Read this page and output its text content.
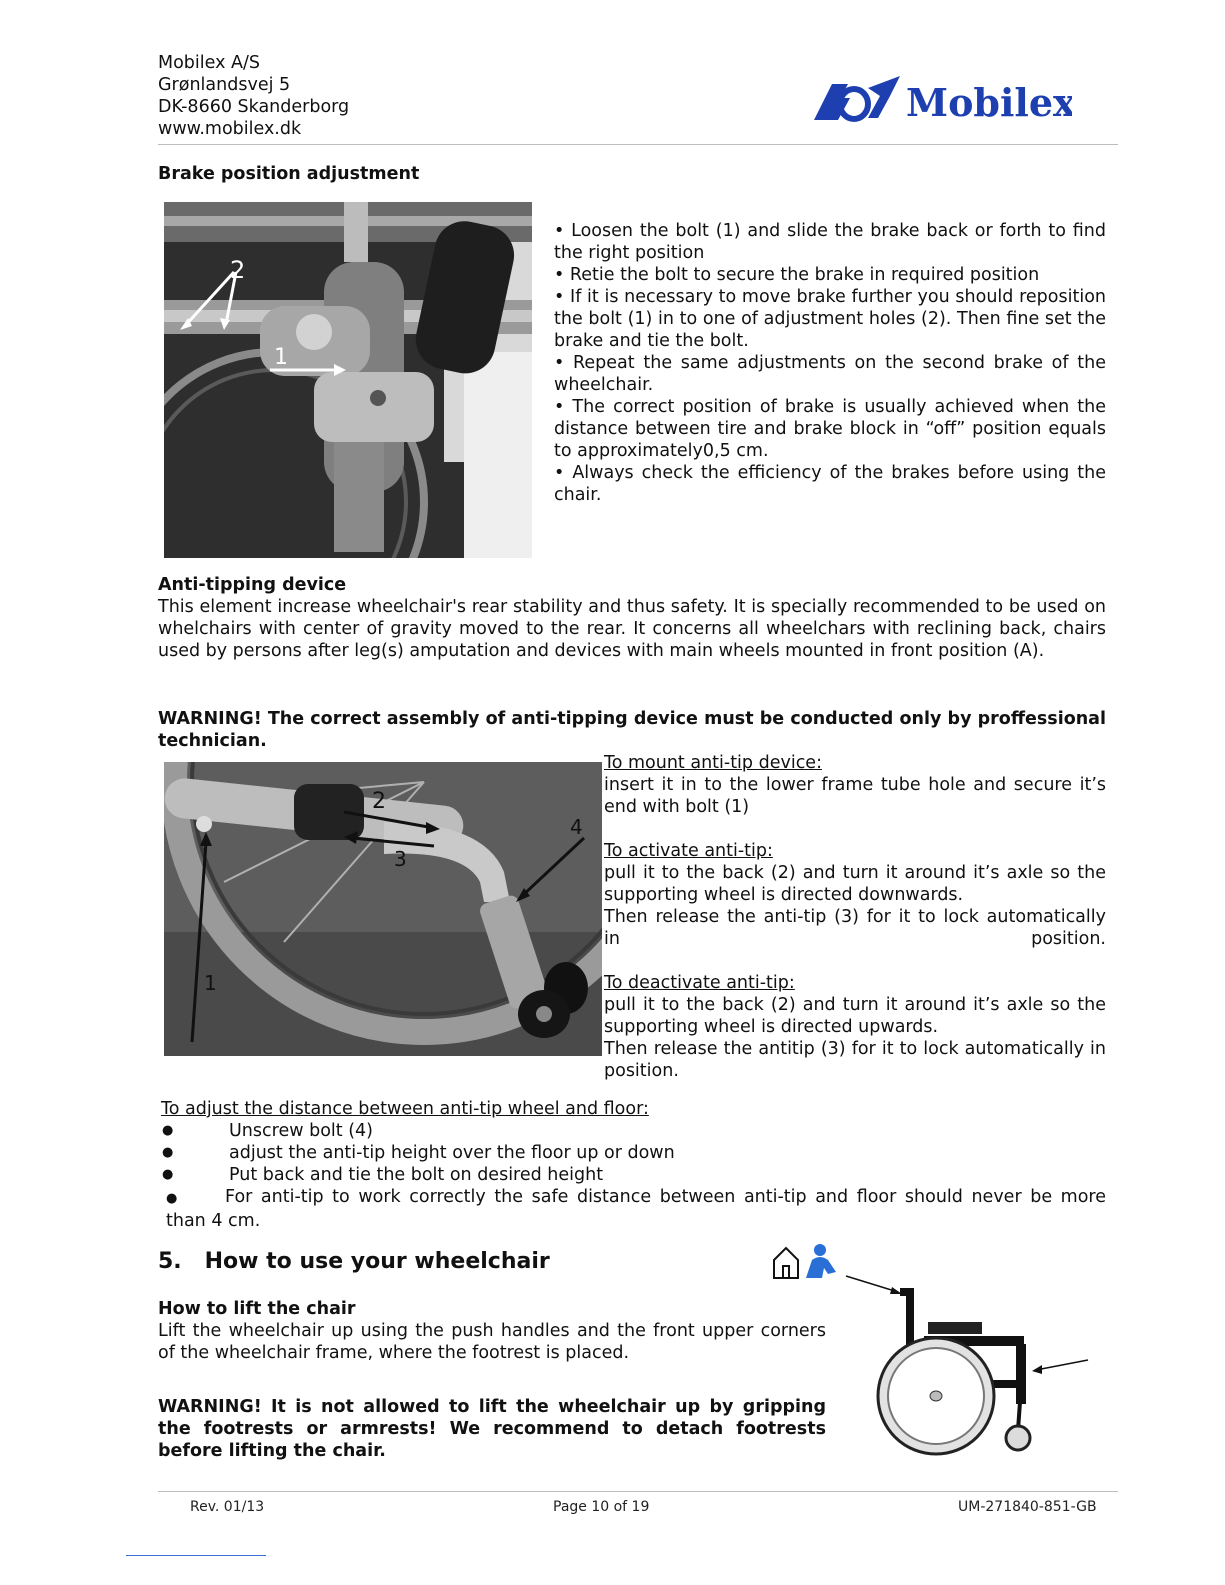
Mobilex A/S
Grønlandsvej 5
DK-8660 Skanderborg
www.mobilex.dk
Mobilex
Brake position adjustment
2
1
• Loosen the bolt (1) and slide the brake back or forth to find the right position
• Retie the bolt to secure the brake in required position
• If it is necessary to move brake further you should reposition the bolt (1) in to one of adjustment holes (2). Then fine set the brake and tie the bolt.
• Repeat the same adjustments on the second brake of the wheelchair.
• The correct position of brake is usually achieved when the distance between tire and brake block in “off” position equals to approximately0,5 cm.
• Always check the efficiency of the brakes before using the chair.
Anti-tipping device
This element increase wheelchair's rear stability and thus safety. It is specially recommended to be used on whelchairs with center of gravity moved to the rear. It concerns all wheelchars with reclining back, chairs used by persons after leg(s) amputation and devices with main wheels mounted in front position (A).
WARNING! The correct assembly of anti-tipping device must be conducted only by proffessional technician.
1
2
3
4
To mount anti-tip device:
insert it in to the lower frame tube hole and secure it’s end with bolt (1)
To activate anti-tip:
pull it to the back (2) and turn it around it’s axle so the supporting wheel is directed downwards.
Then release the anti-tip (3) for it to lock automatically in position.
To deactivate anti-tip:
pull it to the back (2) and turn it around it’s axle so the supporting wheel is directed upwards.
Then release the antitip (3) for it to lock automatically in position.
To adjust the distance between anti-tip wheel and floor:
●	Unscrew bolt (4)
●	adjust the anti-tip height over the floor up or down
●	Put back and tie the bolt on desired height
●	For anti-tip to work correctly the safe distance between anti-tip and floor should never be more than 4 cm.
5.   How to use your wheelchair
How to lift the chair
Lift the wheelchair up using the push handles and the front upper corners of the wheelchair frame, where the footrest is placed.
WARNING! It is not allowed to lift the wheelchair up by gripping the footrests or armrests! We recommend to detach footrests before lifting the chair.
Rev. 01/13	Page 10 of 19	UM-271840-851-GB
